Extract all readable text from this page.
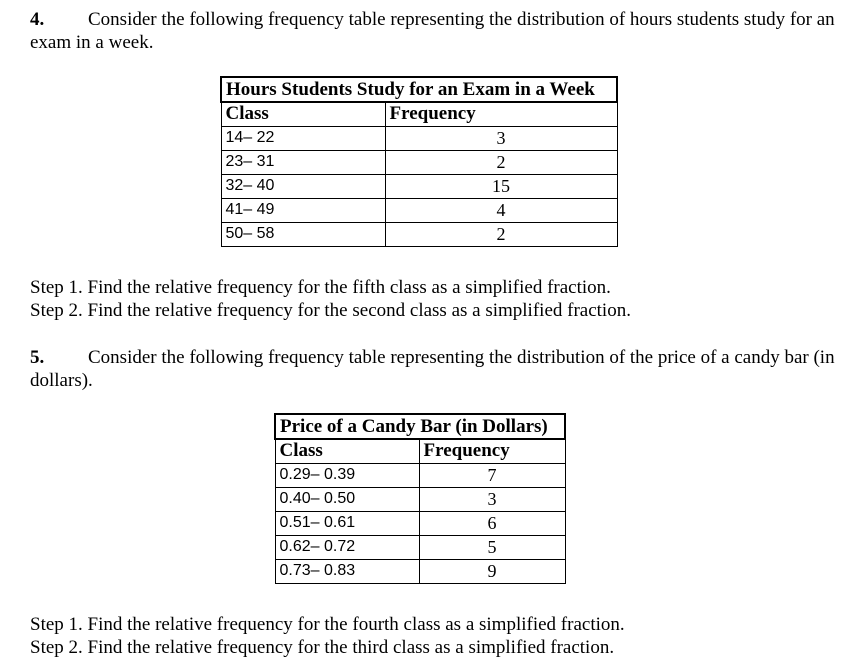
4. Consider the following frequency table representing the distribution of hours students study for an exam in a week.
Hours Students Study for an Exam in a Week	
Class	Frequency
14– 22	3
23– 31	2
32– 40	15
41– 49	4
50– 58	2
Step 1. Find the relative frequency for the fifth class as a simplified fraction.
Step 2. Find the relative frequency for the second class as a simplified fraction.
5. Consider the following frequency table representing the distribution of the price of a candy bar (in dollars).
Price of a Candy Bar (in Dollars)	
Class	Frequency
0.29– 0.39	7
0.40– 0.50	3
0.51– 0.61	6
0.62– 0.72	5
0.73– 0.83	9
Step 1. Find the relative frequency for the fourth class as a simplified fraction.
Step 2. Find the relative frequency for the third class as a simplified fraction.
